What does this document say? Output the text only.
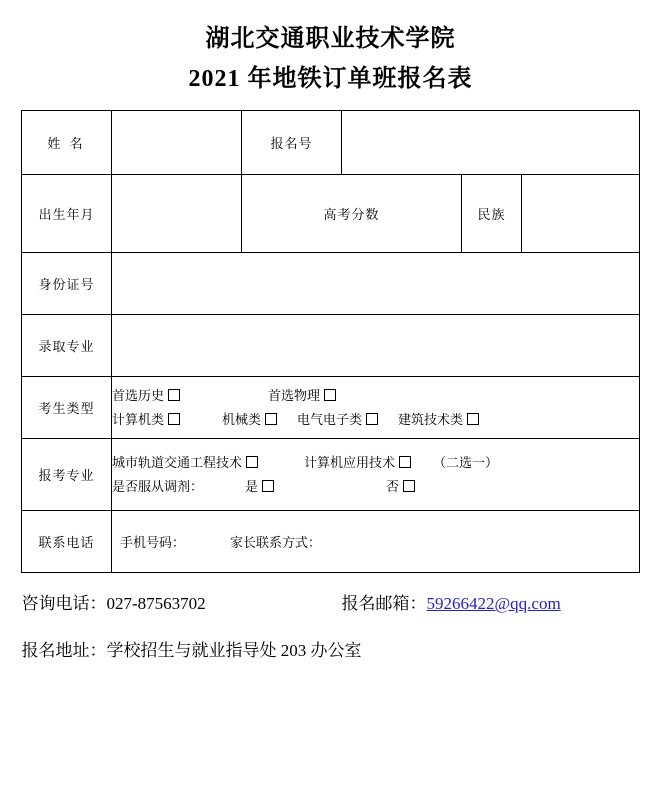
湖北交通职业技术学院
2021 年地铁订单班报名表
姓 名		报名号			
出生年月		高考分数		民族	
身份证号					
录取专业					
考生类型	首选历史 首选物理
计算机类 机械类 电气电子类 建筑技术类				

报考专业	城市轨道交通工程技术 计算机应用技术 （二选一）
是否服从调剂： 是 否				

联系电话	手机号码： 家长联系方式：				
咨询电话：027-87563702	报名邮箱：59266422@qq.com
报名地址：学校招生与就业指导处 203 办公室
